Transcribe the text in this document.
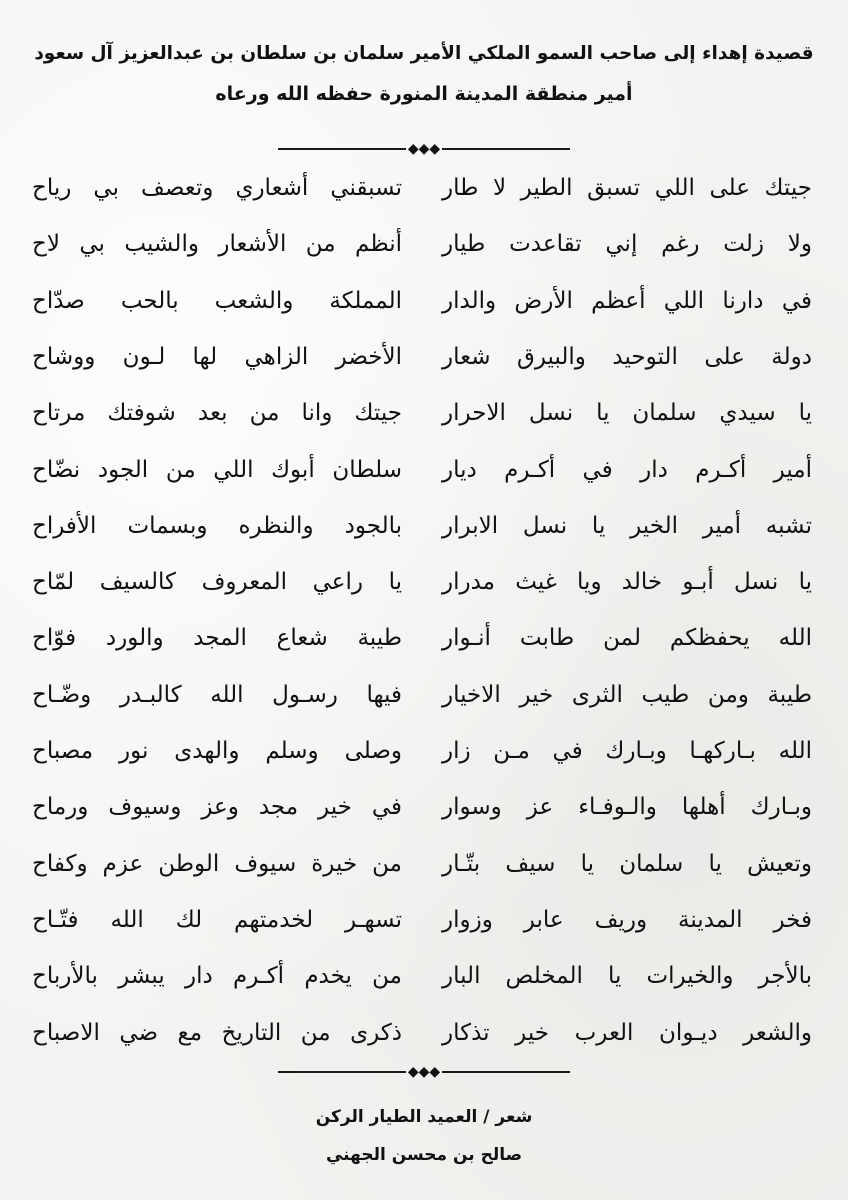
قصيدة إهداء إلى صاحب السمو الملكي الأمير سلمان بن سلطان بن عبدالعزيز آل سعود
أمير منطقة المدينة المنورة حفظه الله ورعاه
◆◆◆
جيتك على اللي تسبق الطير لا طار
تسبقني أشعاري وتعصف بي رياح
ولا زلت رغم إني تقاعدت طيار
أنظم من الأشعار والشيب بي لاح
في دارنا اللي أعظم الأرض والدار
المملكة والشعب بالحب صدّاح
دولة على التوحيد والبيرق شعار
الأخضر الزاهي لها لـون ووشاح
يا سيدي سلمان يا نسل الاحرار
جيتك وانا من بعد شوفتك مرتاح
أمير أكـرم دار في أكـرم ديار
سلطان أبوك اللي من الجود نضّاح
تشبه أمير الخير يا نسل الابرار
بالجود والنظره وبسمات الأفراح
يا نسل أبـو خالد ويا غيث مدرار
يا راعي المعروف كالسيف لمّاح
الله يحفظكم لمن طابت أنـوار
طيبة شعاع المجد والورد فوّاح
طيبة ومن طيب الثرى خير الاخيار
فيها رسـول الله كالبـدر وضّـاح
الله بـاركهـا وبـارك في مـن زار
وصلى وسلم والهدى نور مصباح
وبـارك أهلها والـوفـاء عز وسوار
في خير مجد وعز وسيوف ورماح
وتعيش يا سلمان يا سيف بتّـار
من خيرة سيوف الوطن عزم وكفاح
فخر المدينة وريف عابر وزوار
تسهـر لخدمتهم لك الله فتّـاح
بالأجر والخيرات يا المخلص البار
من يخدم أكـرم دار يبشر بالأرباح
والشعر ديـوان العرب خير تذكار
ذكرى من التاريخ مع ضي الاصباح
◆◆◆
شعر / العميد الطيار الركن
صالح بن محسن الجهني
